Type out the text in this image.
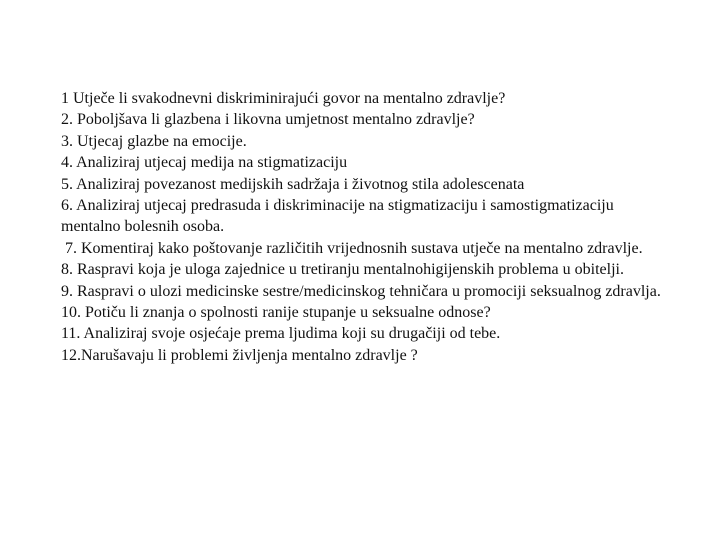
1 Utječe li svakodnevni diskriminirajući govor na mentalno zdravlje?
2. Poboljšava li glazbena i likovna umjetnost mentalno zdravlje?
3. Utjecaj glazbe na emocije.
4. Analiziraj utjecaj medija na stigmatizaciju
5. Analiziraj povezanost medijskih sadržaja i životnog stila adolescenata
6. Analiziraj utjecaj predrasuda i diskriminacije na stigmatizaciju i samostigmatizaciju mentalno bolesnih osoba.
7. Komentiraj kako poštovanje različitih vrijednosnih sustava utječe na mentalno zdravlje.
8. Raspravi koja je uloga zajednice u tretiranju mentalnohigijenskih problema u obitelji.
9. Raspravi o ulozi medicinske sestre/medicinskog tehničara u promociji seksualnog zdravlja.
10. Potiču li znanja o spolnosti ranije stupanje u seksualne odnose?
11. Analiziraj svoje osjećaje prema ljudima koji su drugačiji od tebe.
12.Narušavaju li problemi življenja mentalno zdravlje ?
